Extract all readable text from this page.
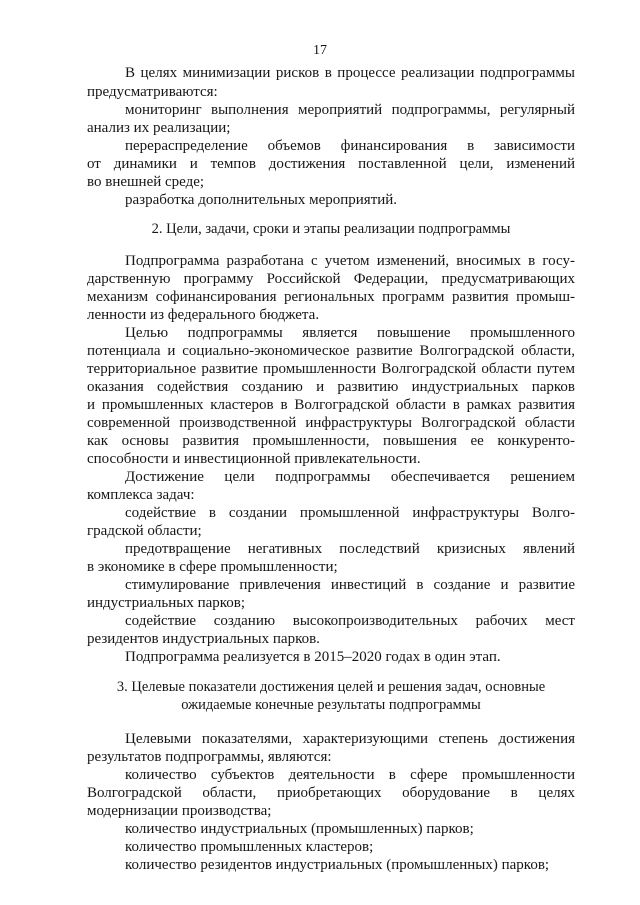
17
В целях минимизации рисков в процессе реализации подпрограммы
предусматриваются:
мониторинг выполнения мероприятий подпрограммы, регулярный
анализ их реализации;
перераспределение объемов финансирования в зависимости
от динамики и темпов достижения поставленной цели, изменений
во внешней среде;
разработка дополнительных мероприятий.
2. Цели, задачи, сроки и этапы реализации подпрограммы
Подпрограмма разработана с учетом изменений, вносимых в госу-
дарственную программу Российской Федерации, предусматривающих
механизм софинансирования региональных программ развития промыш-
ленности из федерального бюджета.
Целью подпрограммы является повышение промышленного
потенциала и социально-экономическое развитие Волгоградской области,
территориальное развитие промышленности Волгоградской области путем
оказания содействия созданию и развитию индустриальных парков
и промышленных кластеров в Волгоградской области в рамках развития
современной производственной инфраструктуры Волгоградской области
как основы развития промышленности, повышения ее конкуренто-
способности и инвестиционной привлекательности.
Достижение цели подпрограммы обеспечивается решением
комплекса задач:
содействие в создании промышленной инфраструктуры Волго-
градской области;
предотвращение негативных последствий кризисных явлений
в экономике в сфере промышленности;
стимулирование привлечения инвестиций в создание и развитие
индустриальных парков;
содействие созданию высокопроизводительных рабочих мест
резидентов индустриальных парков.
Подпрограмма реализуется в 2015–2020 годах в один этап.
3. Целевые показатели достижения целей и решения задач, основные
ожидаемые конечные результаты подпрограммы
Целевыми показателями, характеризующими степень достижения
результатов подпрограммы, являются:
количество субъектов деятельности в сфере промышленности
Волгоградской области, приобретающих оборудование в целях
модернизации производства;
количество индустриальных (промышленных) парков;
количество промышленных кластеров;
количество резидентов индустриальных (промышленных) парков;
